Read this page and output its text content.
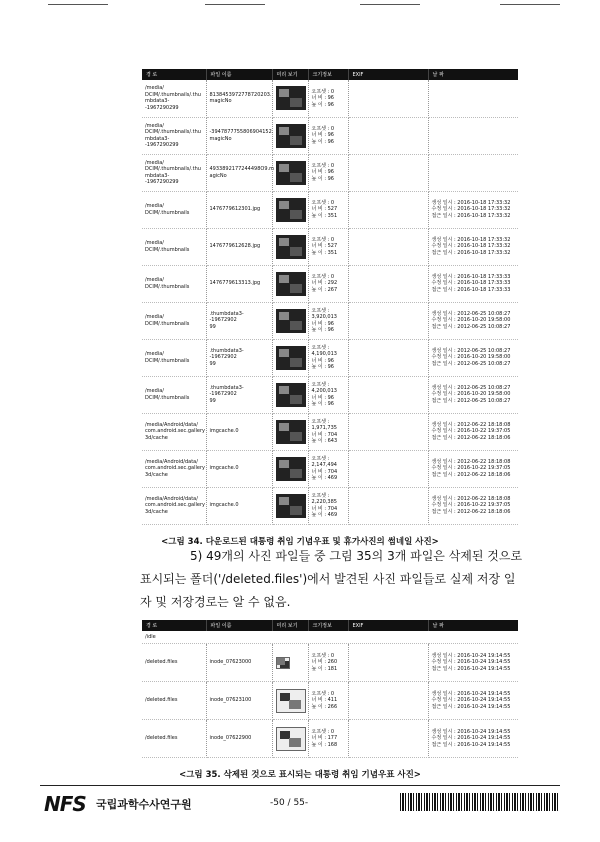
경 로	파일 이름	미리 보기	크기정보	EXIF	날 짜
/media/
DCIM/.thumbnails/.thu
mbdata3--1967290299	8138453972778720203.
magicNo		오프셋 : 0
너 비 : 96
높 이 : 96		
/media/
DCIM/.thumbnails/.thu
mbdata3--1967290299	-3947877755806904152.
magicNo		오프셋 : 0
너 비 : 96
높 이 : 96		
/media/
DCIM/.thumbnails/.thu
mbdata3--1967290299	4933892177244498O9.m
agicNo		오프셋 : 0
너 비 : 96
높 이 : 96		
/media/
DCIM/.thumbnails	1476779612301.jpg		오프셋 : 0
너 비 : 527
높 이 : 351		생성 일시 : 2016-10-18 17:33:32
수정 일시 : 2016-10-18 17:33:32
접근 일시 : 2016-10-18 17:33:32
/media/
DCIM/.thumbnails	1476779612628.jpg		오프셋 : 0
너 비 : 527
높 이 : 351		생성 일시 : 2016-10-18 17:33:32
수정 일시 : 2016-10-18 17:33:32
접근 일시 : 2016-10-18 17:33:32
/media/
DCIM/.thumbnails	1476779613313.jpg		오프셋 : 0
너 비 : 292
높 이 : 267		생성 일시 : 2016-10-18 17:33:33
수정 일시 : 2016-10-18 17:33:33
접근 일시 : 2016-10-18 17:33:33
/media/
DCIM/.thumbnails	.thumbdata3--19672902
99		오프셋 :
3,920,013
너 비 : 96
높 이 : 96		생성 일시 : 2012-06-25 10:08:27
수정 일시 : 2016-10-20 19:58:00
접근 일시 : 2012-06-25 10:08:27
/media/
DCIM/.thumbnails	.thumbdata3--19672902
99		오프셋 :
4,190,013
너 비 : 96
높 이 : 96		생성 일시 : 2012-06-25 10:08:27
수정 일시 : 2016-10-20 19:58:00
접근 일시 : 2012-06-25 10:08:27
/media/
DCIM/.thumbnails	.thumbdata3--19672902
99		오프셋 :
4,200,013
너 비 : 96
높 이 : 96		생성 일시 : 2012-06-25 10:08:27
수정 일시 : 2016-10-20 19:58:00
접근 일시 : 2012-06-25 10:08:27
/media/Android/data/
com.android.sec.gallery
3d/cache	imgcache.0		오프셋 :
1,971,735
너 비 : 704
높 이 : 643		생성 일시 : 2012-06-22 18:18:08
수정 일시 : 2016-10-22 19:37:05
접근 일시 : 2012-06-22 18:18:06
/media/Android/data/
com.android.sec.gallery
3d/cache	imgcache.0		오프셋 :
2,147,494
너 비 : 704
높 이 : 469		생성 일시 : 2012-06-22 18:18:08
수정 일시 : 2016-10-22 19:37:05
접근 일시 : 2012-06-22 18:18:06
/media/Android/data/
com.android.sec.gallery
3d/cache	imgcache.0		오프셋 :
2,220,385
너 비 : 704
높 이 : 469		생성 일시 : 2012-06-22 18:18:08
수정 일시 : 2016-10-22 19:37:05
접근 일시 : 2012-06-22 18:18:06
<그림 34. 다운로드된 대통령 취임 기념우표 및 휴가사진의 썸네일 사진>
5) 49개의 사진 파일들 중 그림 35의 3개 파일은 삭제된 것으로
표시되는 폴더('/deleted.files')에서 발견된 사진 파일들로 실제 저장 일
자 및 저장경로는 알 수 없음.
경 로	파일 이름	미리 보기	크기정보	EXIF	날 짜
/idle					
/deleted.files	inode_07623000		오프셋 : 0
너 비 : 260
높 이 : 181		생성 일시 : 2016-10-24 19:14:55
수정 일시 : 2016-10-24 19:14:55
접근 일시 : 2016-10-24 19:14:55
/deleted.files	inode_07623100		오프셋 : 0
너 비 : 411
높 이 : 266		생성 일시 : 2016-10-24 19:14:55
수정 일시 : 2016-10-24 19:14:55
접근 일시 : 2016-10-24 19:14:55
/deleted.files	inode_07622900		오프셋 : 0
너 비 : 177
높 이 : 168		생성 일시 : 2016-10-24 19:14:55
수정 일시 : 2016-10-24 19:14:55
접근 일시 : 2016-10-24 19:14:55
<그림 35. 삭제된 것으로 표시되는 대통령 취임 기념우표 사진>
NFS 국립과학수사연구원	-50 / 55-
